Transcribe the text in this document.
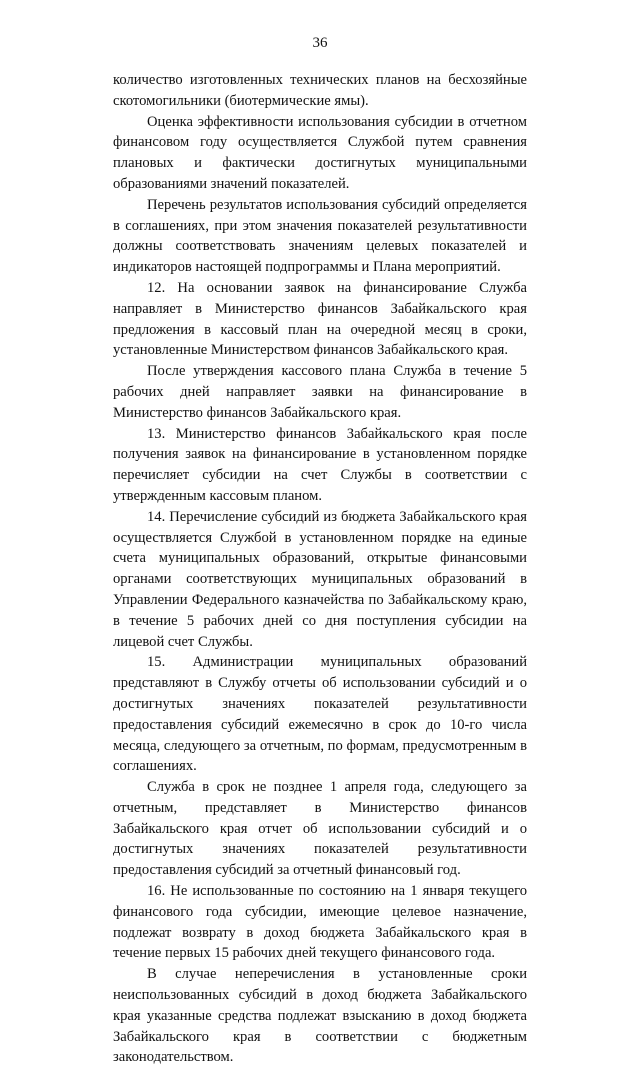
36

количество изготовленных технических планов на бесхозяйные скотомогильники (биотермические ямы).

Оценка эффективности использования субсидии в отчетном финансовом году осуществляется Службой путем сравнения плановых и фактически достигнутых муниципальными образованиями значений показателей.

Перечень результатов использования субсидий определяется в соглашениях, при этом значения показателей результативности должны соответствовать значениям целевых показателей и индикаторов настоящей подпрограммы и Плана мероприятий.

12. На основании заявок на финансирование Служба направляет в Министерство финансов Забайкальского края предложения в кассовый план на очередной месяц в сроки, установленные Министерством финансов Забайкальского края.

После утверждения кассового плана Служба в течение 5 рабочих дней направляет заявки на финансирование в Министерство финансов Забайкальского края.

13. Министерство финансов Забайкальского края после получения заявок на финансирование в установленном порядке перечисляет субсидии на счет Службы в соответствии с утвержденным кассовым планом.

14. Перечисление субсидий из бюджета Забайкальского края осуществляется Службой в установленном порядке на единые счета муниципальных образований, открытые финансовыми органами соответствующих муниципальных образований в Управлении Федерального казначейства по Забайкальскому краю, в течение 5 рабочих дней со дня поступления субсидии на лицевой счет Службы.

15. Администрации муниципальных образований представляют в Службу отчеты об использовании субсидий и о достигнутых значениях показателей результативности предоставления субсидий ежемесячно в срок до 10-го числа месяца, следующего за отчетным, по формам, предусмотренным в соглашениях.

Служба в срок не позднее 1 апреля года, следующего за отчетным, представляет в Министерство финансов Забайкальского края отчет об использовании субсидий и о достигнутых значениях показателей результативности предоставления субсидий за отчетный финансовый год.

16. Не использованные по состоянию на 1 января текущего финансового года субсидии, имеющие целевое назначение, подлежат возврату в доход бюджета Забайкальского края в течение первых 15 рабочих дней текущего финансового года.

В случае неперечисления в установленные сроки неиспользованных субсидий в доход бюджета Забайкальского края указанные средства подлежат взысканию в доход бюджета Забайкальского края в соответствии с бюджетным законодательством.
